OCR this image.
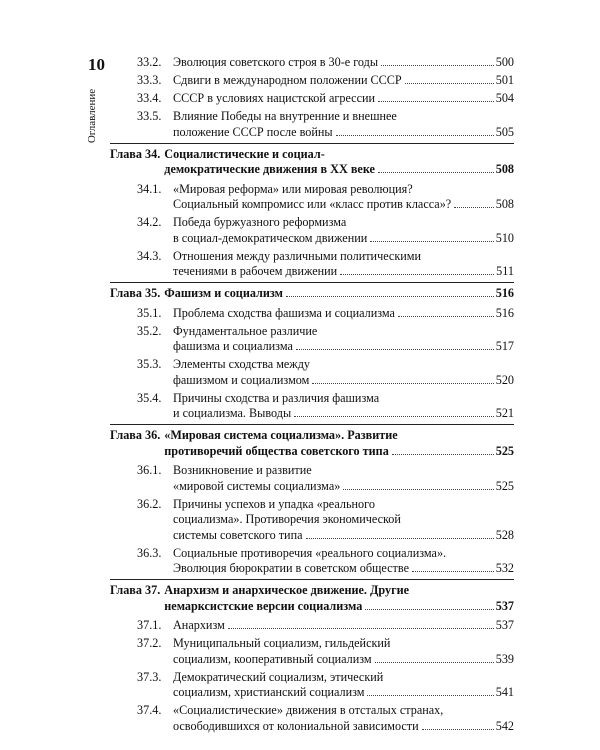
10
Оглавление
33.2. Эволюция советского строя в 30-е годы	500
33.3. Сдвиги в международном положении СССР	501
33.4. СССР в условиях нацистской агрессии	504
33.5. Влияние Победы на внутренние и внешнее
положение СССР после войны	505
Глава 34. Социалистические и социал-
демократические движения в XX веке	508
34.1. «Мировая реформа» или мировая революция?
Социальный компромисс или «класс против класса»?	508
34.2. Победа буржуазного реформизма
в социал-демократическом движении	510
34.3. Отношения между различными политическими
течениями в рабочем движении	511
Глава 35. Фашизм и социализм	516
35.1. Проблема сходства фашизма и социализма	516
35.2. Фундаментальное различие
фашизма и социализма	517
35.3. Элементы сходства между
фашизмом и социализмом	520
35.4. Причины сходства и различия фашизма
и социализма. Выводы	521
Глава 36. «Мировая система социализма». Развитие
противоречий общества советского типа	525
36.1. Возникновение и развитие
«мировой системы социализма»	525
36.2. Причины успехов и упадка «реального
социализма». Противоречия экономической
системы советского типа	528
36.3. Социальные противоречия «реального социализма».
Эволюция бюрократии в советском обществе	532
Глава 37. Анархизм и анархическое движение. Другие
немарксистские версии социализма	537
37.1. Анархизм	537
37.2. Муниципальный социализм, гильдейский
социализм, кооперативный социализм	539
37.3. Демократический социализм, этический
социализм, христианский социализм	541
37.4. «Социалистические» движения в отсталых странах,
освободившихся от колониальной зависимости	542
